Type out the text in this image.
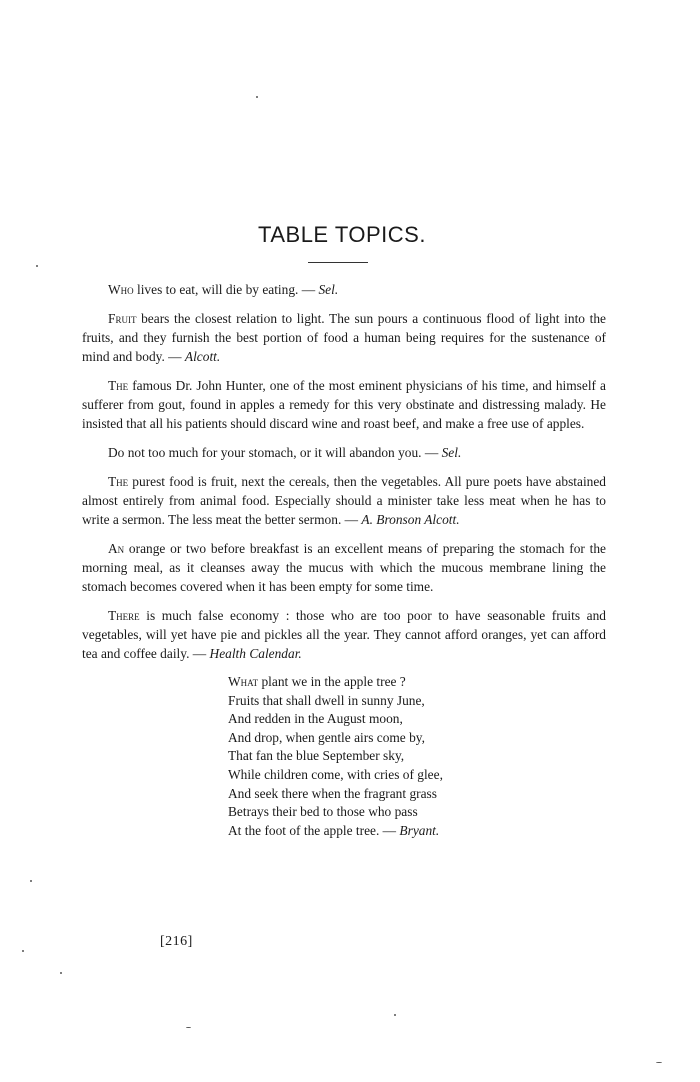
TABLE TOPICS.

Who lives to eat, will die by eating. — Sel.

Fruit bears the closest relation to light. The sun pours a continuous flood of light into the fruits, and they furnish the best portion of food a human being requires for the sustenance of mind and body. — Alcott.

The famous Dr. John Hunter, one of the most eminent physicians of his time, and himself a sufferer from gout, found in apples a remedy for this very obstinate and distressing malady. He insisted that all his patients should discard wine and roast beef, and make a free use of apples.

Do not too much for your stomach, or it will abandon you. — Sel.

The purest food is fruit, next the cereals, then the vegetables. All pure poets have abstained almost entirely from animal food. Especially should a minister take less meat when he has to write a sermon. The less meat the better sermon. — A. Bronson Alcott.

An orange or two before breakfast is an excellent means of preparing the stomach for the morning meal, as it cleanses away the mucus with which the mucous membrane lining the stomach becomes covered when it has been empty for some time.

There is much false economy : those who are too poor to have seasonable fruits and vegetables, will yet have pie and pickles all the year. They cannot afford oranges, yet can afford tea and coffee daily. — Health Calendar.

What plant we in the apple tree ?
Fruits that shall dwell in sunny June,
And redden in the August moon,
And drop, when gentle airs come by,
That fan the blue September sky,
While children come, with cries of glee,
And seek there when the fragrant grass
Betrays their bed to those who pass
At the foot of the apple tree. — Bryant.
[216]
